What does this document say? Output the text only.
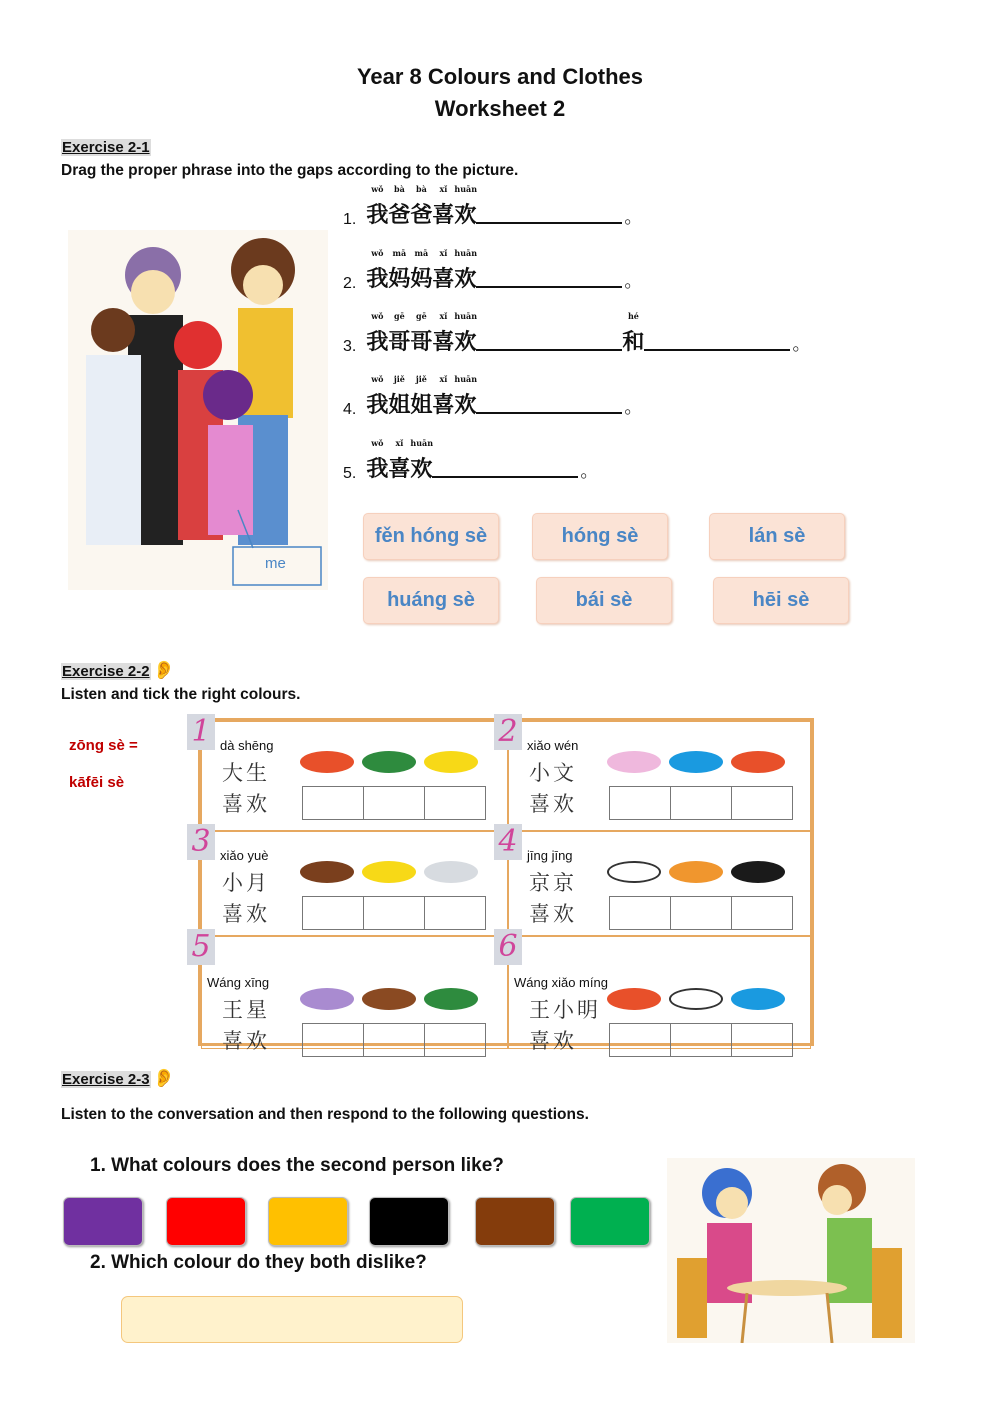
Year 8 Colours and Clothes
Worksheet 2
Exercise 2-1
Drag the proper phrase into the gaps according to the picture.
me
1.
wǒ
我
bà
爸
bà
爸
xǐ
喜
huān
欢	。
2.
wǒ
我
mā
妈
mā
妈
xǐ
喜
huān
欢	。
3.
wǒ
我
gē
哥
gē
哥
xǐ
喜
huān
欢
hé
和	。
4.
wǒ
我
jiě
姐
jiě
姐
xǐ
喜
huān
欢	。
5.
wǒ
我
xǐ
喜
huān
欢	。
fěn hóng sè	hóng sè	lán sè
huáng sè	bái sè	hēi sè
Exercise 2-2 👂
Listen and tick the right colours.
zōng sè =
kāfēi sè
1 dà shēng
大生
喜欢
2 xiǎo wén
小文
喜欢
3 xiǎo yuè
小月
喜欢
4 jīng jīng
京京
喜欢
5
Wáng xīng
王星
喜欢
6
Wáng xiǎo míng
王小明
喜欢
Exercise 2-3 👂
Listen to the conversation and then respond to the following questions.
1. What colours does the second person like?
2. Which colour do they both dislike?
